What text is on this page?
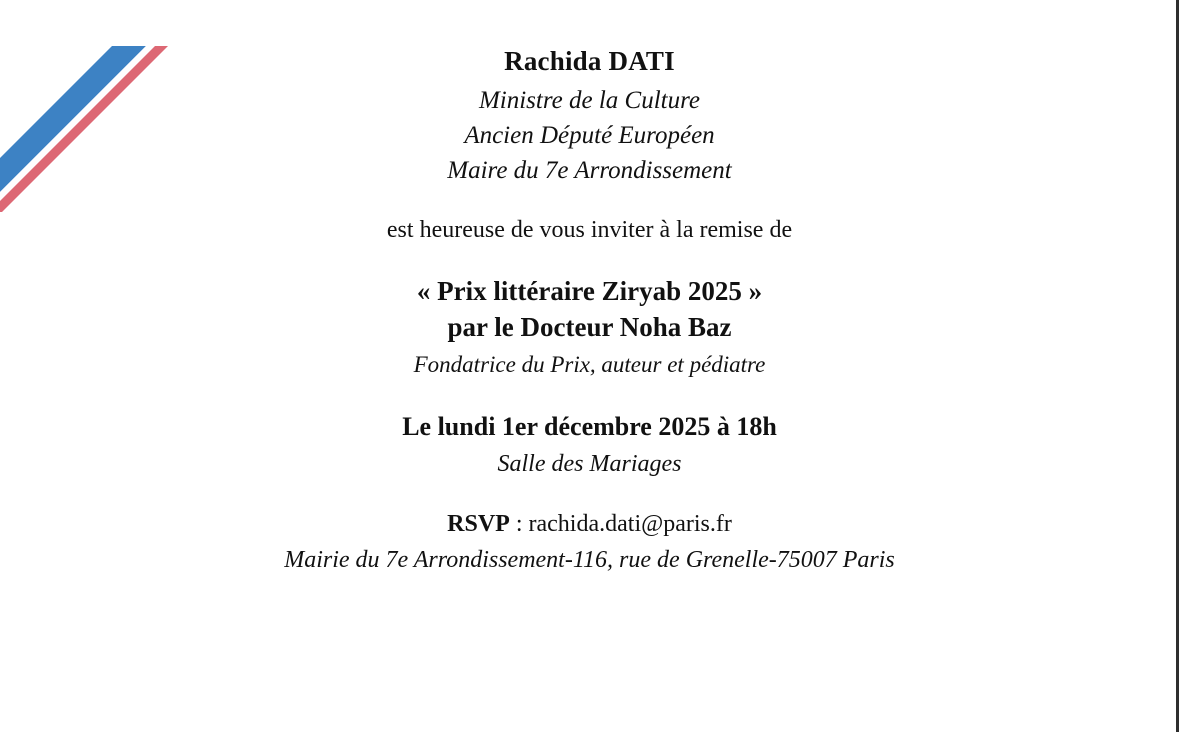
Rachida DATI
Ministre de la Culture
Ancien Député Européen
Maire du 7e Arrondissement
est heureuse de vous inviter à la remise de
« Prix littéraire Ziryab 2025 »
par le Docteur Noha Baz
Fondatrice du Prix, auteur et pédiatre
Le lundi 1er décembre 2025 à 18h
Salle des Mariages
RSVP : rachida.dati@paris.fr
Mairie du 7e Arrondissement-116, rue de Grenelle-75007 Paris
